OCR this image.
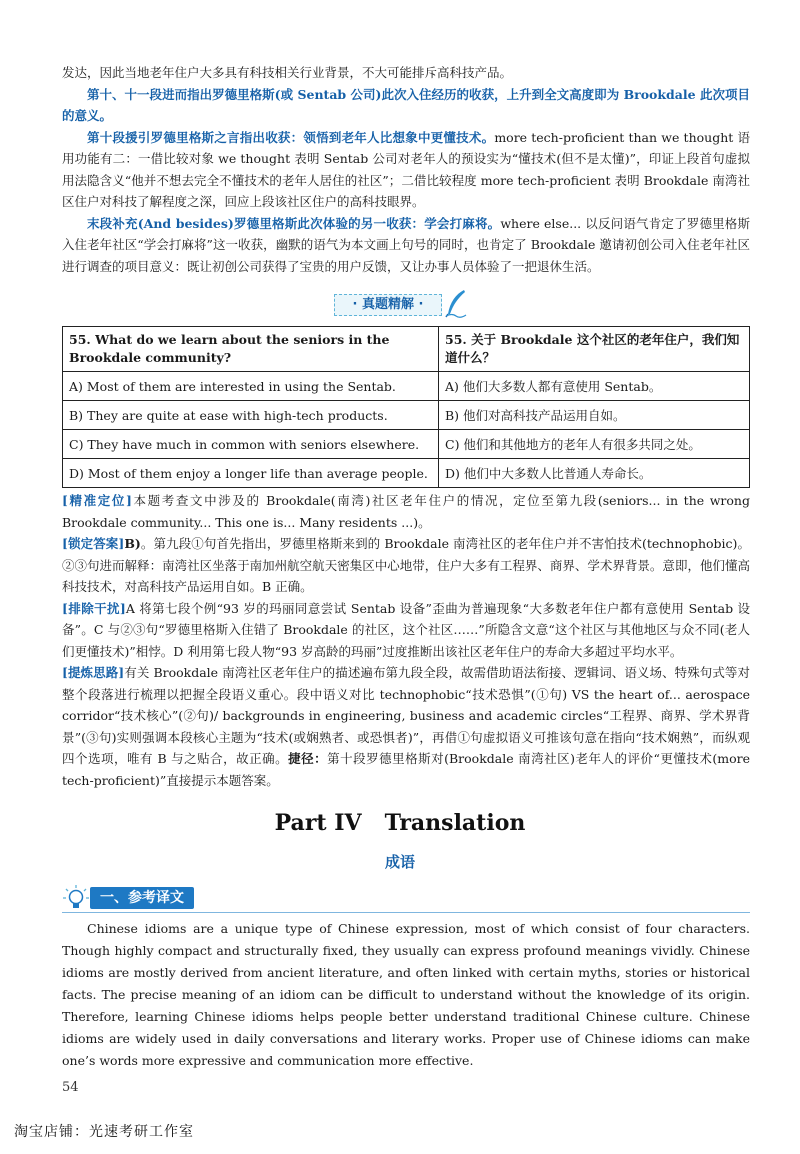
发达，因此当地老年住户大多具有科技相关行业背景，不大可能排斥高科技产品。

第十、十一段进而指出罗德里格斯(或 Sentab 公司)此次入住经历的收获，上升到全文高度即为 Brookdale 此次项目的意义。

第十段援引罗德里格斯之言指出收获：领悟到老年人比想象中更懂技术。more tech-proficient than we thought 语用功能有二：一借比较对象 we thought 表明 Sentab 公司对老年人的预设实为“懂技术(但不是太懂)”，印证上段首句虚拟用法隐含义“他并不想去完全不懂技术的老年人居住的社区”；二借比较程度 more tech-proficient 表明 Brookdale 南湾社区住户对科技了解程度之深，回应上段该社区住户的高科技眼界。

末段补充(And besides)罗德里格斯此次体验的另一收获：学会打麻将。where else... 以反问语气肯定了罗德里格斯入住老年社区“学会打麻将”这一收获，幽默的语气为本文画上句号的同时，也肯定了 Brookdale 邀请初创公司入住老年社区进行调查的项目意义：既让初创公司获得了宝贵的用户反馈，又让办事人员体验了一把退休生活。

· 真题精解 ·
55. What do we learn about the seniors in the Brookdale community?	55. 关于 Brookdale 这个社区的老年住户，我们知道什么？
A) Most of them are interested in using the Sentab.	A) 他们大多数人都有意使用 Sentab。
B) They are quite at ease with high-tech products.	B) 他们对高科技产品运用自如。
C) They have much in common with seniors elsewhere.	C) 他们和其他地方的老年人有很多共同之处。
D) Most of them enjoy a longer life than average people.	D) 他们中大多数人比普通人寿命长。

[精准定位]本题考查文中涉及的 Brookdale(南湾)社区老年住户的情况，定位至第九段(seniors... in the wrong Brookdale community... This one is... Many residents ...)。

[锁定答案]B)。第九段①句首先指出，罗德里格斯来到的 Brookdale 南湾社区的老年住户并不害怕技术(technophobic)。②③句进而解释：南湾社区坐落于南加州航空航天密集区中心地带，住户大多有工程界、商界、学术界背景。意即，他们懂高科技技术，对高科技产品运用自如。B 正确。

[排除干扰]A 将第七段个例“93 岁的玛丽同意尝试 Sentab 设备”歪曲为普遍现象“大多数老年住户都有意使用 Sentab 设备”。C 与②③句“罗德里格斯入住错了 Brookdale 的社区，这个社区……”所隐含文意“这个社区与其他地区与众不同(老人们更懂技术)”相悖。D 利用第七段人物“93 岁高龄的玛丽”过度推断出该社区老年住户的寿命大多超过平均水平。

[提炼思路]有关 Brookdale 南湾社区老年住户的描述遍布第九段全段，故需借助语法衔接、逻辑词、语义场、特殊句式等对整个段落进行梳理以把握全段语义重心。段中语义对比 technophobic“技术恐惧”(①句) VS the heart of... aerospace corridor“技术核心”(②句)/ backgrounds in engineering, business and academic circles“工程界、商界、学术界背景”(③句)实则强调本段核心主题为“技术(或娴熟者、或恐惧者)”，再借①句虚拟语义可推该句意在指向“技术娴熟”，而纵观四个选项，唯有 B 与之贴合，故正确。捷径：第十段罗德里格斯对(Brookdale 南湾社区)老年人的评价“更懂技术(more tech-proficient)”直接提示本题答案。

Part IV   Translation
成语
一、参考译文
Chinese idioms are a unique type of Chinese expression, most of which consist of four characters. Though highly compact and structurally fixed, they usually can express profound meanings vividly. Chinese idioms are mostly derived from ancient literature, and often linked with certain myths, stories or historical facts. The precise meaning of an idiom can be difficult to understand without the knowledge of its origin. Therefore, learning Chinese idioms helps people better understand traditional Chinese culture. Chinese idioms are widely used in daily conversations and literary works. Proper use of Chinese idioms can make one’s words more expressive and communication more effective.
54
淘宝店铺：光速考研工作室
